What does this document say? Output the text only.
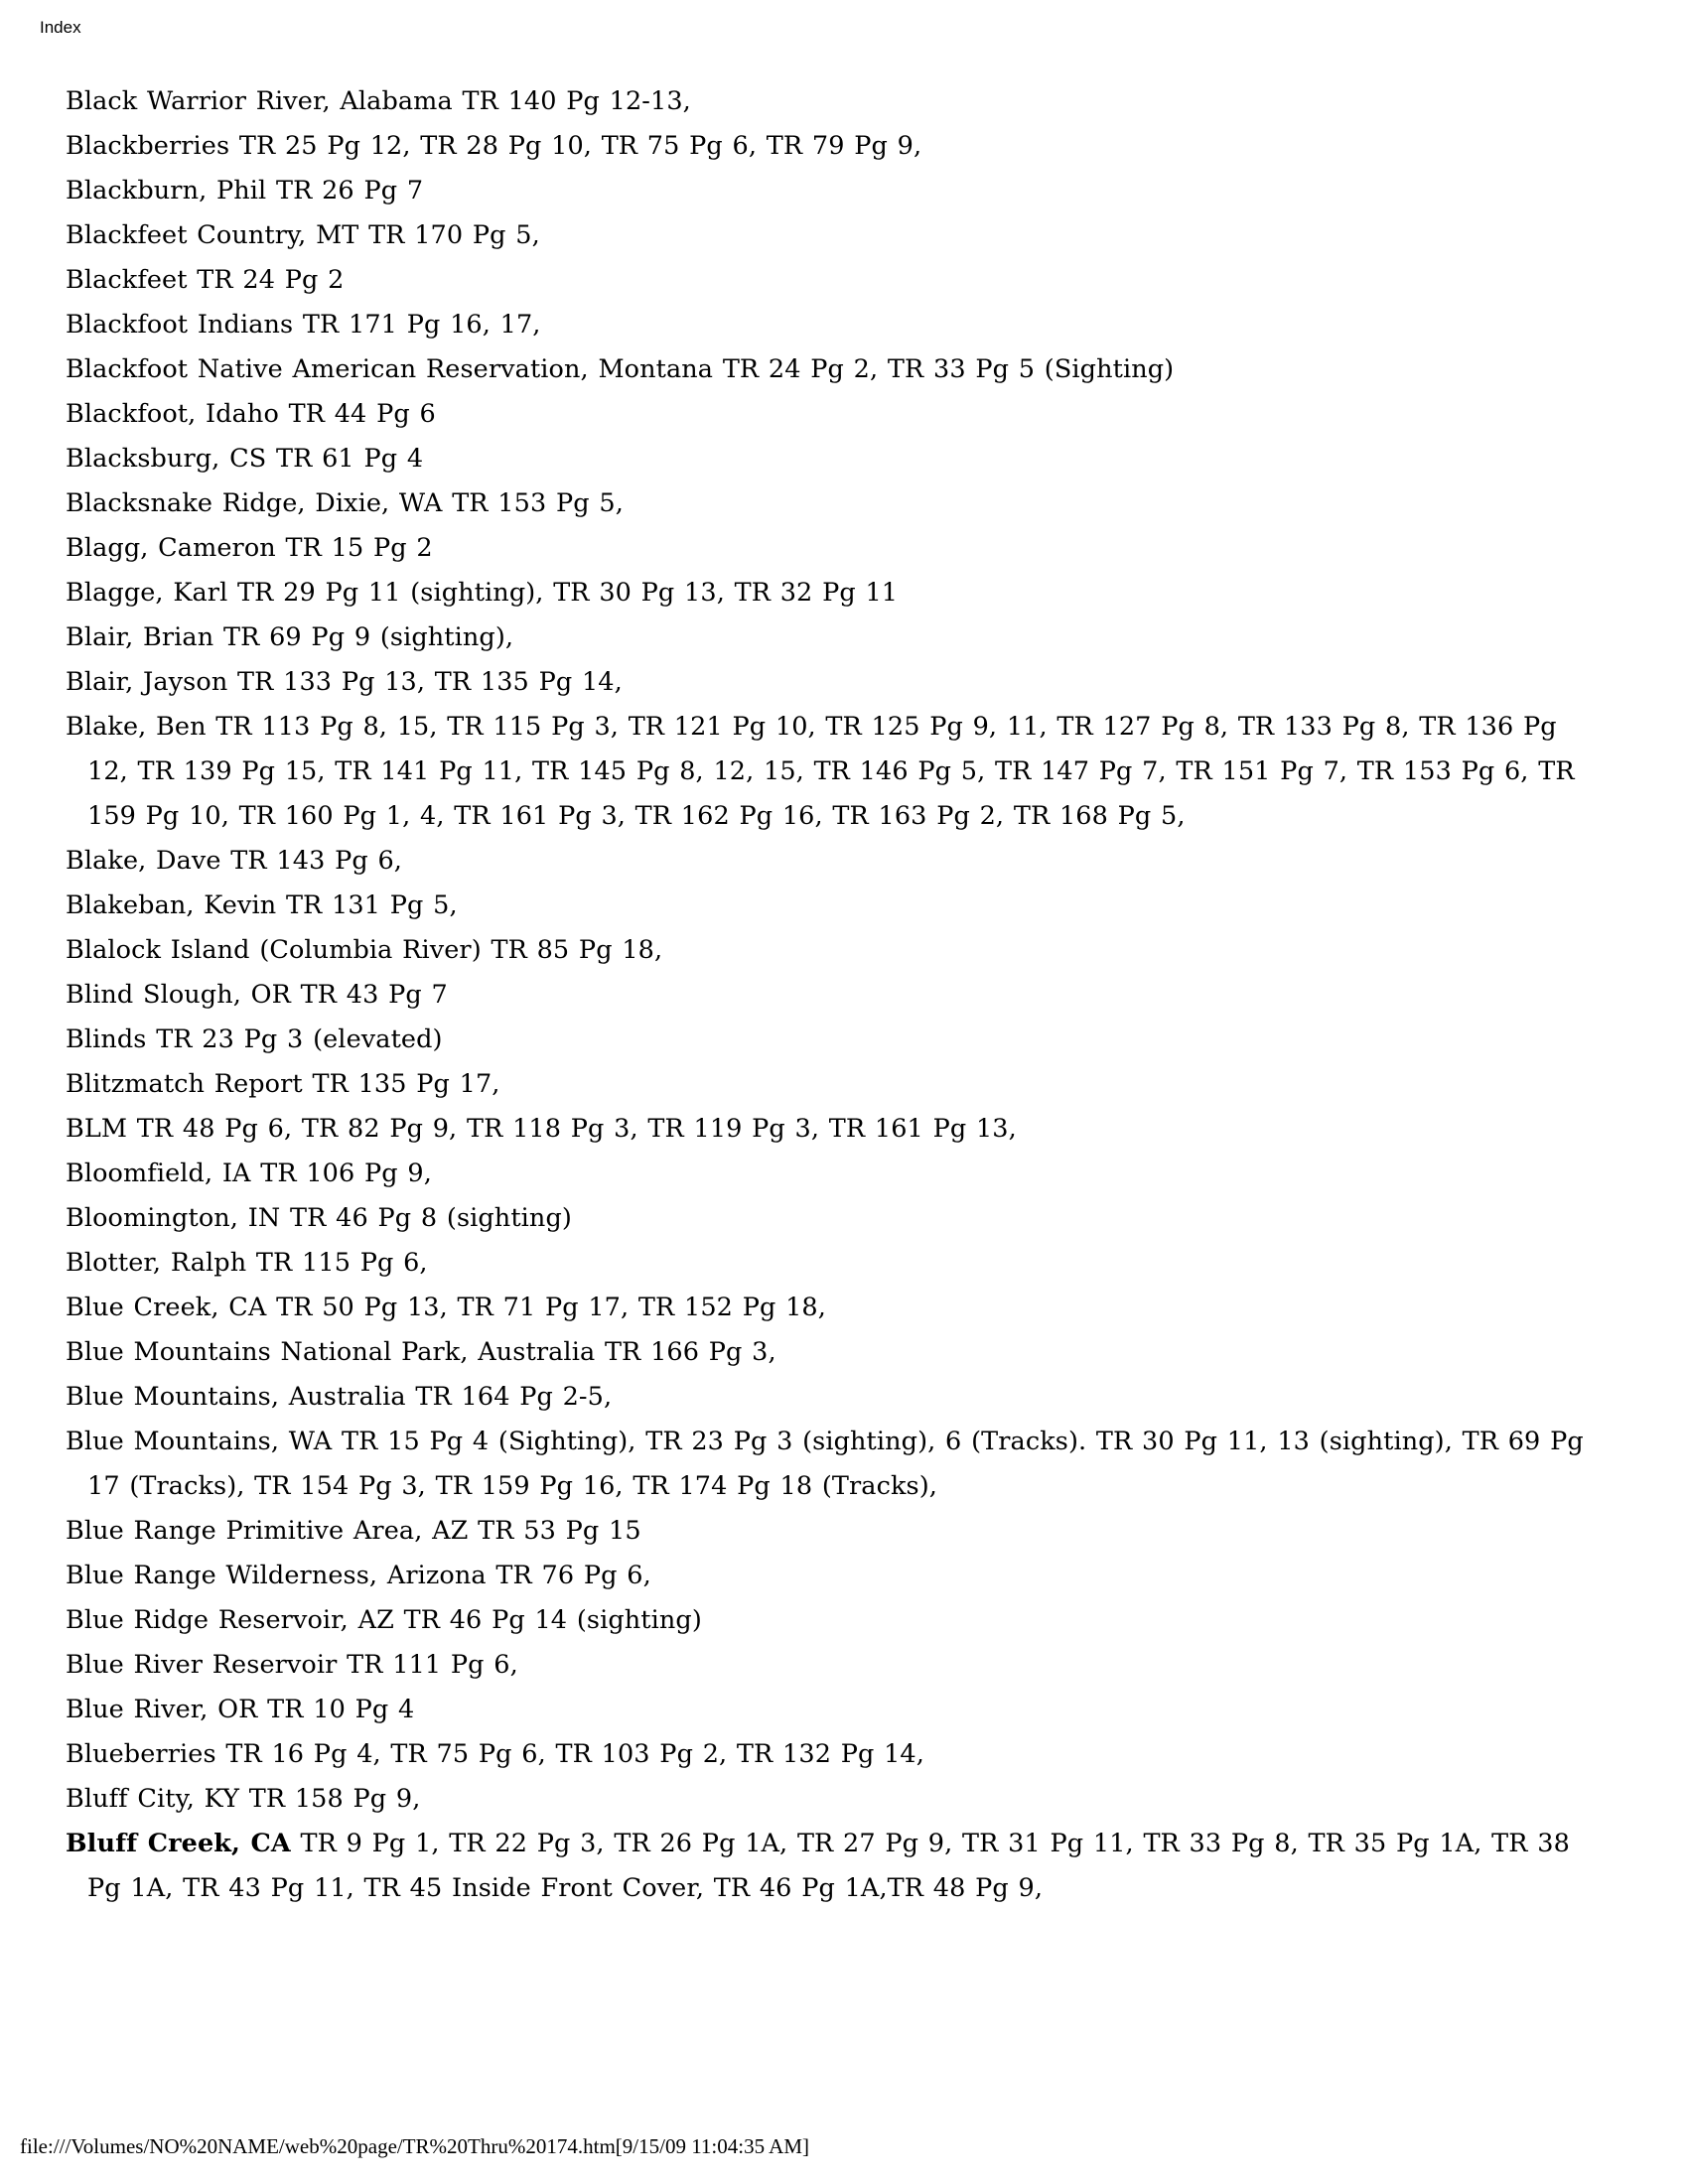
Index
Black Warrior River, Alabama TR 140 Pg 12-13,
Blackberries TR 25 Pg 12, TR 28 Pg 10, TR 75 Pg 6, TR 79 Pg 9,
Blackburn, Phil TR 26 Pg 7
Blackfeet Country, MT TR 170 Pg 5,
Blackfeet TR 24 Pg 2
Blackfoot Indians TR 171 Pg 16, 17,
Blackfoot Native American Reservation, Montana TR 24 Pg 2, TR 33 Pg 5 (Sighting)
Blackfoot, Idaho TR 44 Pg 6
Blacksburg, CS TR 61 Pg 4
Blacksnake Ridge, Dixie, WA TR 153 Pg 5,
Blagg, Cameron TR 15 Pg 2
Blagge, Karl TR 29 Pg 11 (sighting), TR 30 Pg 13, TR 32 Pg 11
Blair, Brian TR 69 Pg 9 (sighting),
Blair, Jayson TR 133 Pg 13, TR 135 Pg 14,
Blake, Ben TR 113 Pg 8, 15, TR 115 Pg 3, TR 121 Pg 10, TR 125 Pg 9, 11, TR 127 Pg 8, TR 133 Pg 8, TR 136 Pg 12, TR 139 Pg 15, TR 141 Pg 11, TR 145 Pg 8, 12, 15, TR 146 Pg 5, TR 147 Pg 7, TR 151 Pg 7, TR 153 Pg 6, TR 159 Pg 10, TR 160 Pg 1, 4, TR 161 Pg 3, TR 162 Pg 16, TR 163 Pg 2, TR 168 Pg 5,
Blake, Dave TR 143 Pg 6,
Blakeban, Kevin TR 131 Pg 5,
Blalock Island (Columbia River) TR 85 Pg 18,
Blind Slough, OR TR 43 Pg 7
Blinds TR 23 Pg 3 (elevated)
Blitzmatch Report TR 135 Pg 17,
BLM TR 48 Pg 6, TR 82 Pg 9, TR 118 Pg 3, TR 119 Pg 3, TR 161 Pg 13,
Bloomfield, IA TR 106 Pg 9,
Bloomington, IN TR 46 Pg 8 (sighting)
Blotter, Ralph TR 115 Pg 6,
Blue Creek, CA TR 50 Pg 13, TR 71 Pg 17, TR 152 Pg 18,
Blue Mountains National Park, Australia TR 166 Pg 3,
Blue Mountains, Australia TR 164 Pg 2-5,
Blue Mountains, WA TR 15 Pg 4 (Sighting), TR 23 Pg 3 (sighting), 6 (Tracks). TR 30 Pg 11, 13 (sighting), TR 69 Pg 17 (Tracks), TR 154 Pg 3, TR 159 Pg 16, TR 174 Pg 18 (Tracks),
Blue Range Primitive Area, AZ TR 53 Pg 15
Blue Range Wilderness, Arizona TR 76 Pg 6,
Blue Ridge Reservoir, AZ TR 46 Pg 14 (sighting)
Blue River Reservoir TR 111 Pg 6,
Blue River, OR TR 10 Pg 4
Blueberries TR 16 Pg 4, TR 75 Pg 6, TR 103 Pg 2, TR 132 Pg 14,
Bluff City, KY TR 158 Pg 9,
Bluff Creek, CA TR 9 Pg 1, TR 22 Pg 3, TR 26 Pg 1A, TR 27 Pg 9, TR 31 Pg 11, TR 33 Pg 8, TR 35 Pg 1A, TR 38 Pg 1A, TR 43 Pg 11, TR 45 Inside Front Cover, TR 46 Pg 1A,TR 48 Pg 9,
file:///Volumes/NO%20NAME/web%20page/TR%20Thru%20174.htm[9/15/09 11:04:35 AM]
